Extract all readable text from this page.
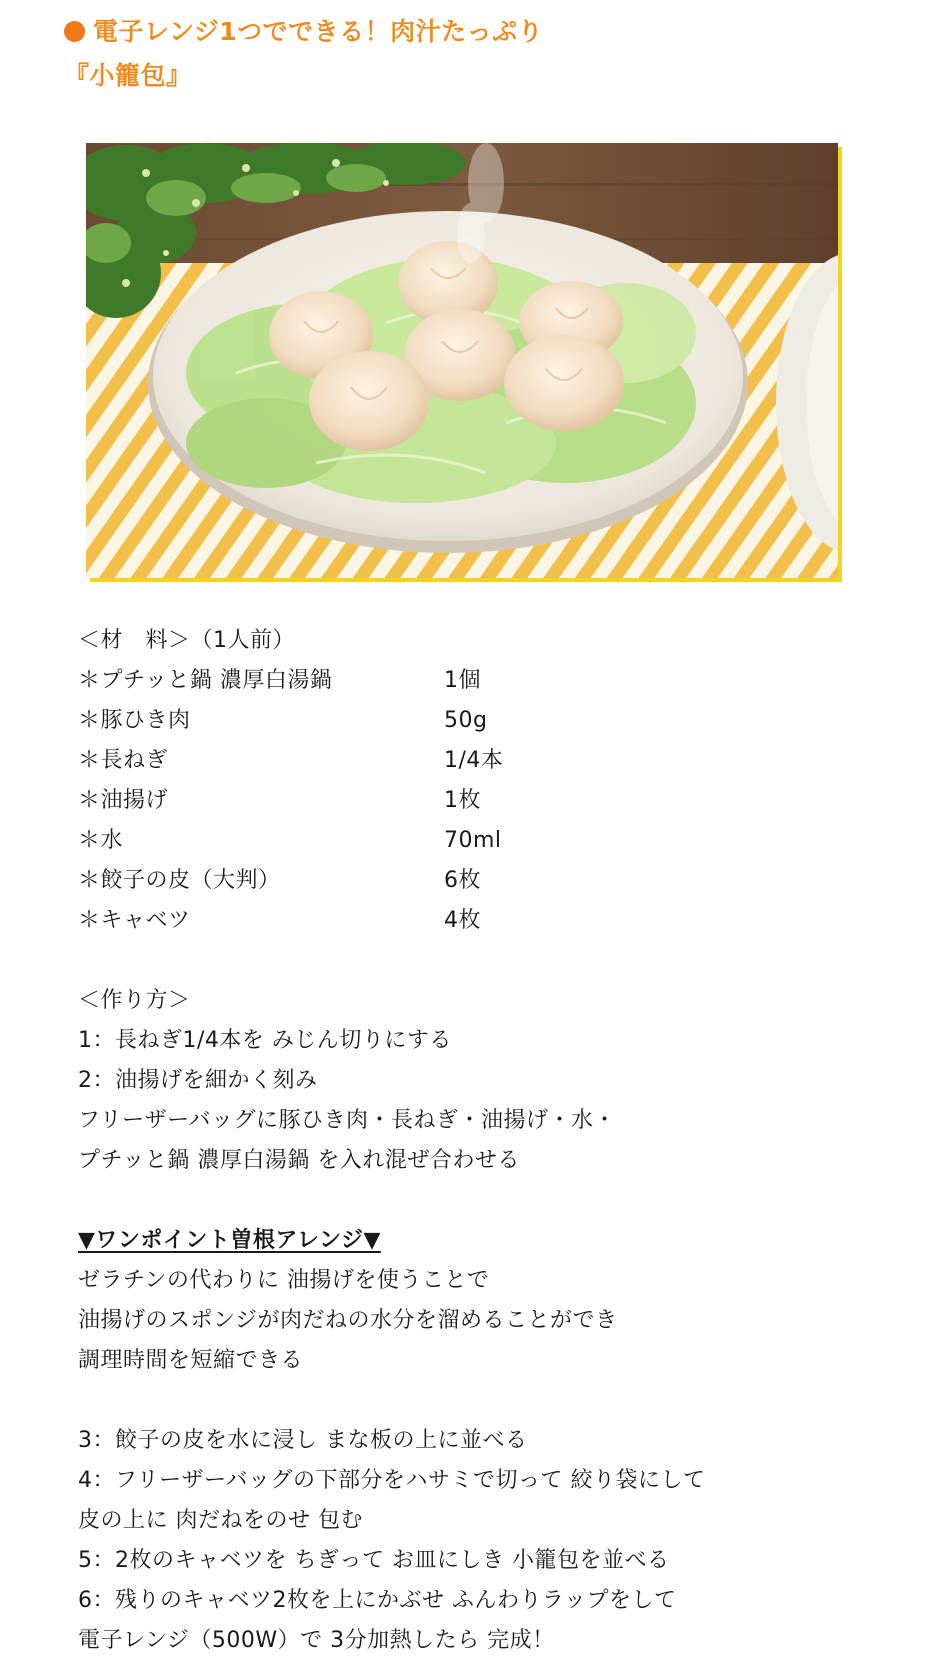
電子レンジ1つでできる！肉汁たっぷり
『小籠包』
＜材　料＞（1人前）
＊プチッと鍋 濃厚白湯鍋	1個
＊豚ひき肉	50g
＊長ねぎ	1/4本
＊油揚げ	1枚
＊水	70ml
＊餃子の皮（大判）	6枚
＊キャベツ	4枚
＜作り方＞
1：長ねぎ1/4本を みじん切りにする
2：油揚げを細かく刻み
フリーザーバッグに豚ひき肉・長ねぎ・油揚げ・水・
プチッと鍋 濃厚白湯鍋 を入れ混ぜ合わせる
▼ワンポイント曽根アレンジ▼
ゼラチンの代わりに 油揚げを使うことで
油揚げのスポンジが肉だねの水分を溜めることができ
調理時間を短縮できる
3：餃子の皮を水に浸し まな板の上に並べる
4：フリーザーバッグの下部分をハサミで切って 絞り袋にして
皮の上に 肉だねをのせ 包む
5：2枚のキャベツを ちぎって お皿にしき 小籠包を並べる
6：残りのキャベツ2枚を上にかぶせ ふんわりラップをして
電子レンジ（500W）で 3分加熱したら 完成！
